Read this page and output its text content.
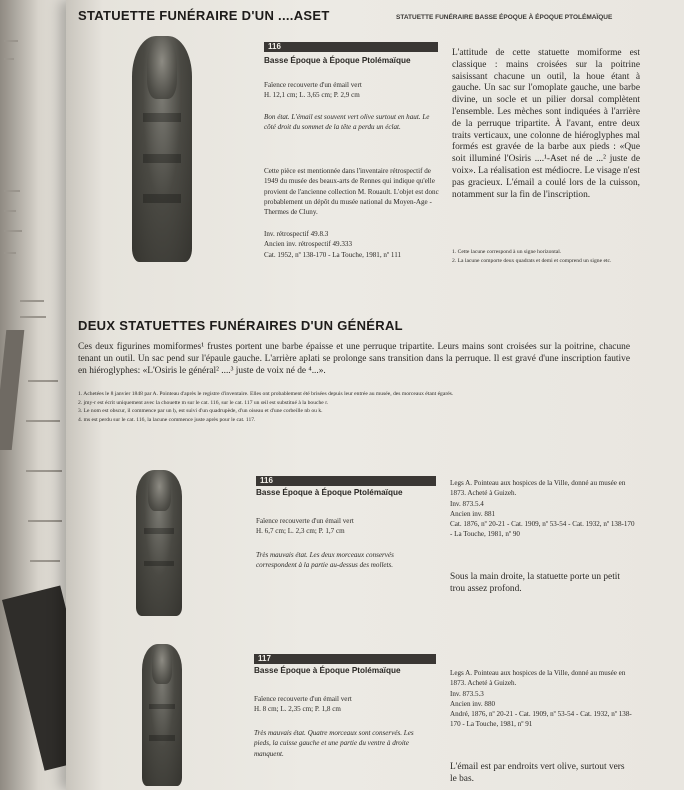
STATUETTE FUNÉRAIRE BASSE ÉPOQUE À ÉPOQUE PTOLÉMAÏQUE
STATUETTE FUNÉRAIRE D'UN ....ASET
116
Basse Époque à Époque Ptolémaïque

Faïence recouverte d'un émail vert

H. 12,1 cm; L. 3,65 cm; P. 2,9 cm

Bon état. L'émail est souvent vert olive surtout en haut. Le côté droit du sommet de la tête a perdu un éclat.

Cette pièce est mentionnée dans l'inventaire rétrospectif de 1949 du musée des beaux-arts de Rennes qui indique qu'elle provient de l'ancienne collection M. Rouault. L'objet est donc probablement un dépôt du musée national du Moyen-Age - Thermes de Cluny.

Inv. rétrospectif 49.8.3

Ancien inv. rétrospectif 49.333

Cat. 1952, nº 138-170 - La Touche, 1981, nº 111

L'attitude de cette statuette momiforme est classique : mains croisées sur la poitrine saisissant chacune un outil, la houe étant à gauche. Un sac sur l'omoplate gauche, une barbe divine, un socle et un pilier dorsal complètent l'ensemble. Les mèches sont indiquées à l'arrière de la perruque tripartite. À l'avant, entre deux traits verticaux, une colonne de hiéroglyphes mal formés est gravée de la barbe aux pieds : «Que soit illuminé l'Osiris ....¹-Aset né de ...² juste de voix». La réalisation est médiocre. Le visage n'est pas gracieux. L'émail a coulé lors de la cuisson, notamment sur la fin de l'inscription.

1. Cette lacune correspond à un signe horizontal.

2. La lacune comporte deux quadrats et demi et comprend un signe etc.

DEUX STATUETTES FUNÉRAIRES D'UN GÉNÉRAL

Ces deux figurines momiformes¹ frustes portent une barbe épaisse et une perruque tripartite. Leurs mains sont croisées sur la poitrine, chacune tenant un outil. Un sac pend sur l'épaule gauche. L'arrière aplati se prolonge sans transition dans la perruque. Il est gravé d'une inscription fautive en hiéroglyphes: «L'Osiris le général² ....³ juste de voix né de ⁴...».

1. Achetées le 8 janvier 1848 par A. Pointeau d'après le registre d'inventaire. Elles ont probablement été brisées depuis leur entrée au musée, des morceaux étant égarés.

2. jmy-r est écrit uniquement avec la chouette m sur le cat. 116, sur le cat. 117 un œil est substitué à la bouche r.

3. Le nom est obscur, il commence par un ḥ, est suivi d'un quadrupède, d'un oiseau et d'une corbeille nb ou k.

4. ms est perdu sur le cat. 116, la lacune commence juste après pour le cat. 117.

116
Basse Époque à Époque Ptolémaïque

Faïence recouverte d'un émail vert

H. 6,7 cm; L. 2,3 cm; P. 1,7 cm

Très mauvais état. Les deux morceaux conservés correspondent à la partie au-dessus des mollets.

Legs A. Pointeau aux hospices de la Ville, donné au musée en 1873. Acheté à Guizeh.

Inv. 873.5.4

Ancien inv. 881

Cat. 1876, nº 20-21 - Cat. 1909, nº 53-54 - Cat. 1932, nº 138-170 - La Touche, 1981, nº 90

Sous la main droite, la statuette porte un petit trou assez profond.

117
Basse Époque à Époque Ptolémaïque

Faïence recouverte d'un émail vert

H. 8 cm; L. 2,35 cm; P. 1,8 cm

Très mauvais état. Quatre morceaux sont conservés. Les pieds, la cuisse gauche et une partie du ventre à droite manquent.

Legs A. Pointeau aux hospices de la Ville, donné au musée en 1873. Acheté à Guizeh.

Inv. 873.5.3

Ancien inv. 880

André, 1876, nº 20-21 - Cat. 1909, nº 53-54 - Cat. 1932, nº 138-170 - La Touche, 1981, nº 91

L'émail est par endroits vert olive, surtout vers le bas.
